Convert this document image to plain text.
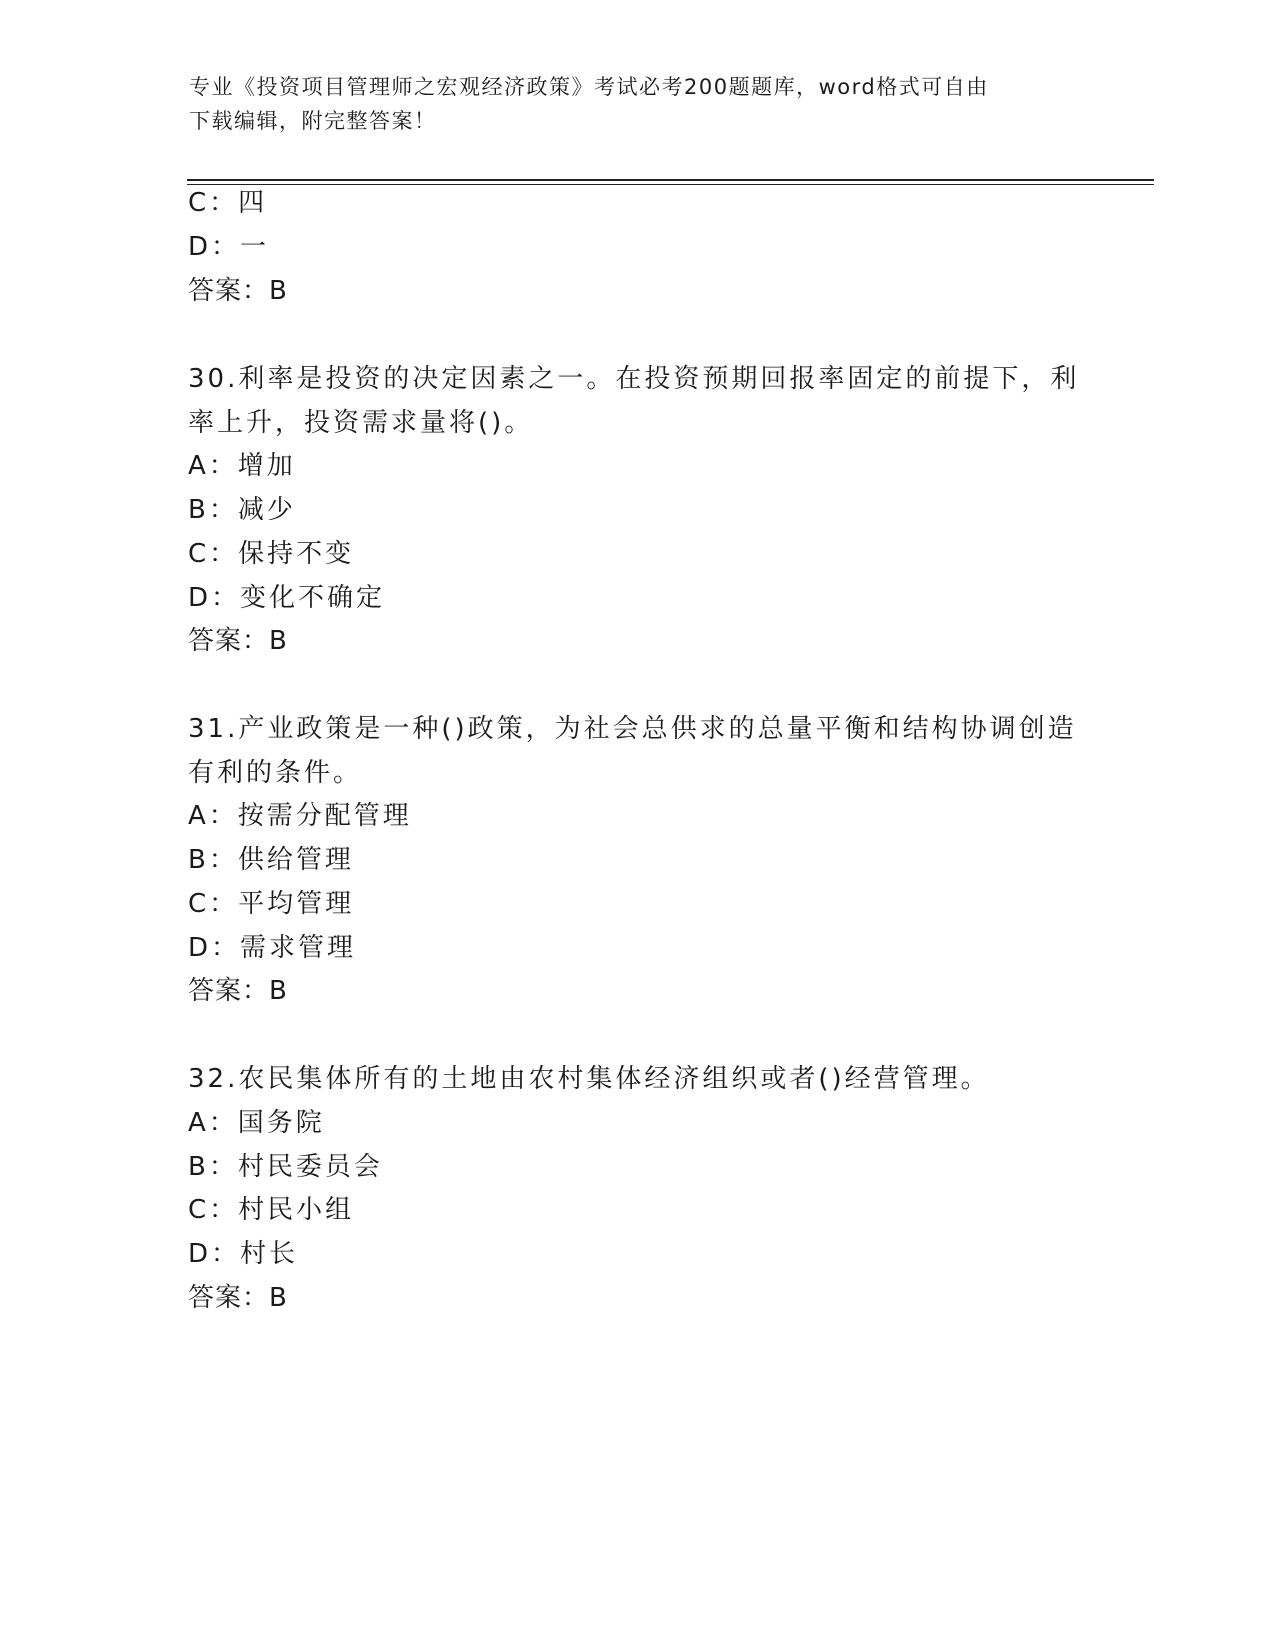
专业《投资项目管理师之宏观经济政策》考试必考200题题库，word格式可自由
下载编辑，附完整答案！
C：四
D：一
答案：B
30.利率是投资的决定因素之一。在投资预期回报率固定的前提下，利
率上升，投资需求量将()。
A：增加
B：减少
C：保持不变
D：变化不确定
答案：B
31.产业政策是一种()政策，为社会总供求的总量平衡和结构协调创造
有利的条件。
A：按需分配管理
B：供给管理
C：平均管理
D：需求管理
答案：B
32.农民集体所有的土地由农村集体经济组织或者()经营管理。
A：国务院
B：村民委员会
C：村民小组
D：村长
答案：B
